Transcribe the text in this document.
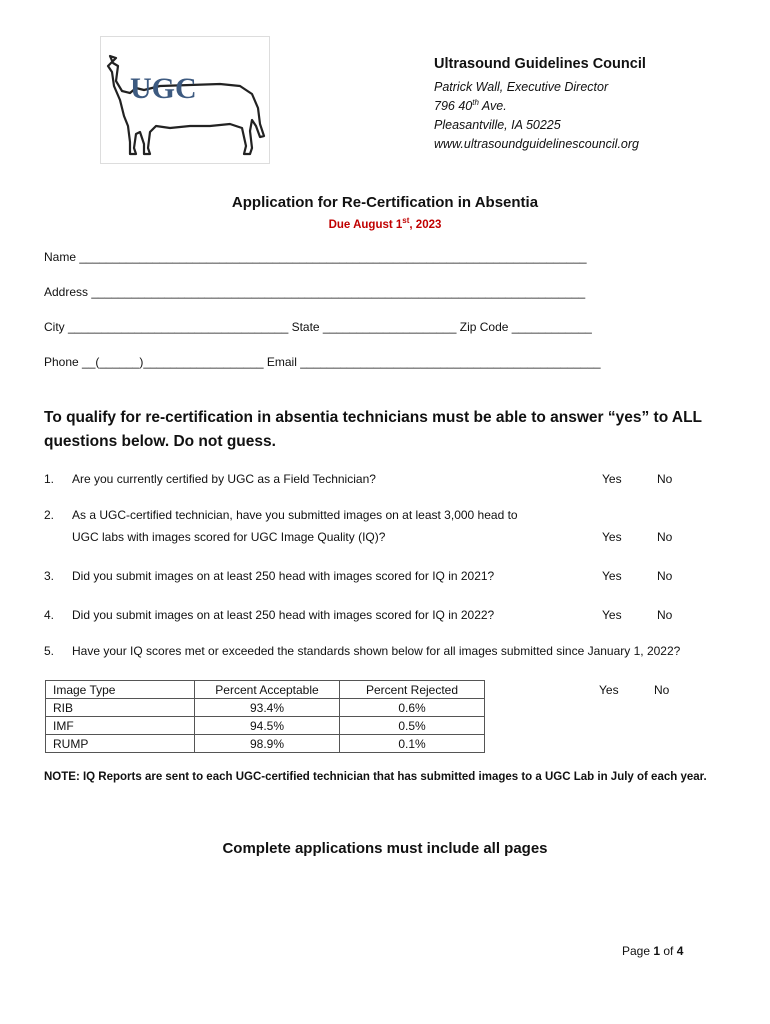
UGC
Ultrasound Guidelines Council
Patrick Wall, Executive Director
796 40th Ave.
Pleasantville, IA 50225
www.ultrasoundguidelinescouncil.org
Application for Re-Certification in Absentia
Due August 1st, 2023
Name ____________________________________________________________________________
Address __________________________________________________________________________
City _________________________________ State ____________________ Zip Code ____________
Phone __(______)__________________ Email _____________________________________________
To qualify for re-certification in absentia technicians must be able to answer “yes” to ALL questions below. Do not guess.
1. Are you currently certified by UGC as a Field Technician?	Yes	No
2. As a UGC-certified technician, have you submitted images on at least 3,000 head to
UGC labs with images scored for UGC Image Quality (IQ)?	Yes	No
3. Did you submit images on at least 250 head with images scored for IQ in 2021?	Yes	No
4. Did you submit images on at least 250 head with images scored for IQ in 2022?	Yes	No
5. Have your IQ scores met or exceeded the standards shown below for all images submitted since January 1, 2022?
Yes	No
Image Type	Percent Acceptable	Percent Rejected
RIB	93.4%	0.6%
IMF	94.5%	0.5%
RUMP	98.9%	0.1%
NOTE: IQ Reports are sent to each UGC-certified technician that has submitted images to a UGC Lab in July of each year.
Complete applications must include all pages
Page 1 of 4
